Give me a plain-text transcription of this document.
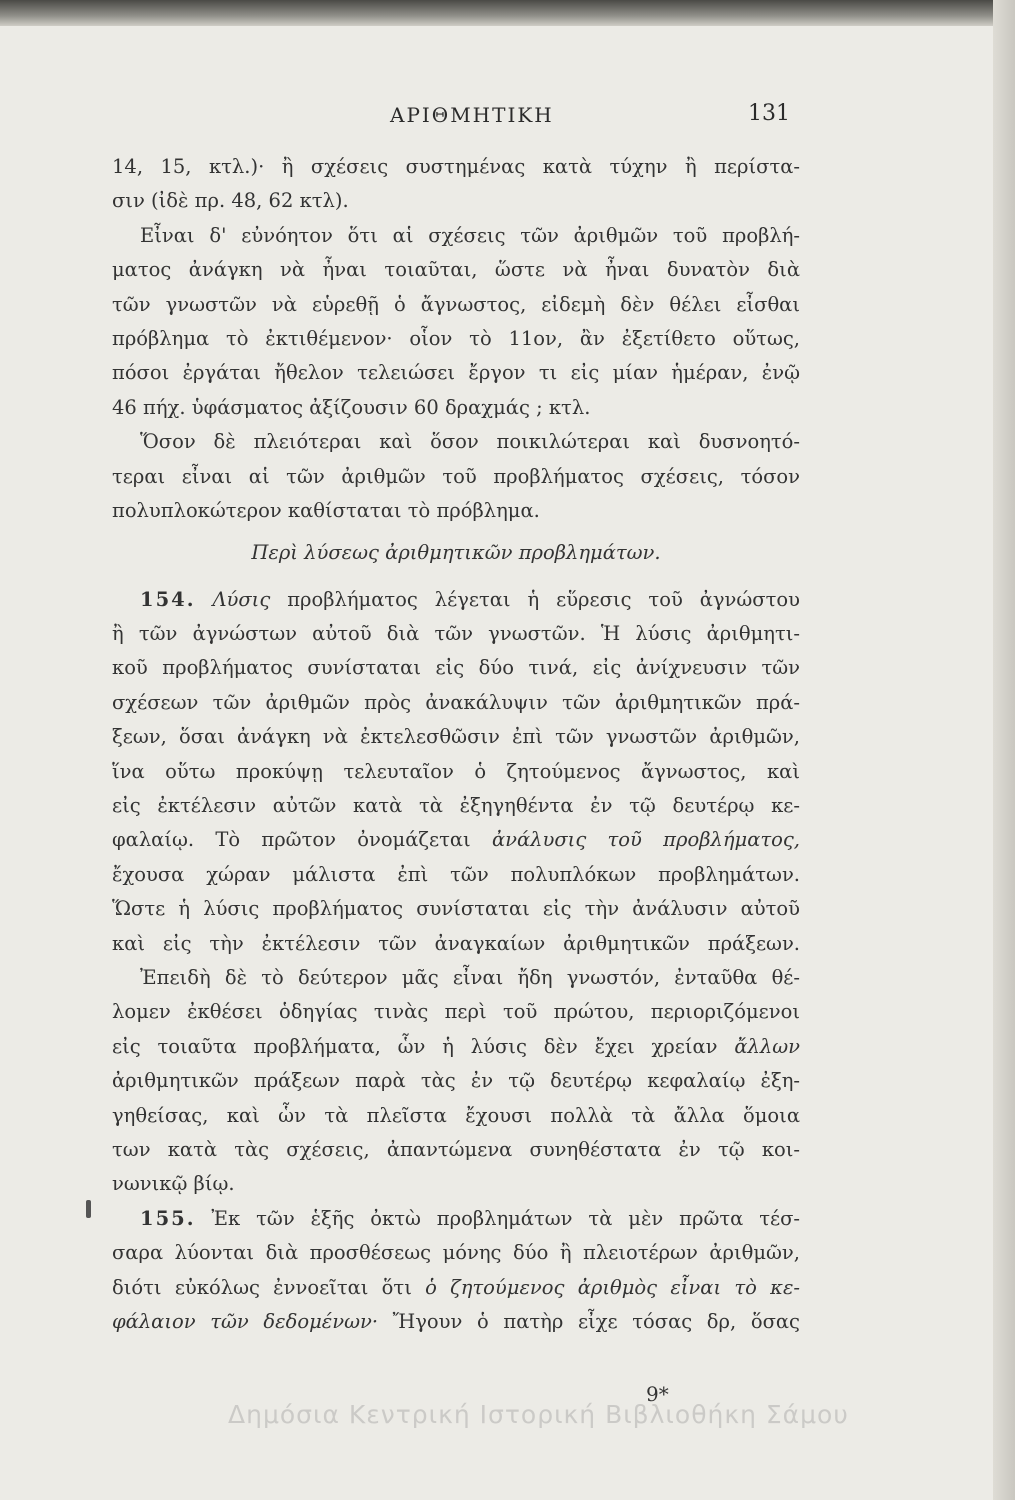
ΑΡΙΘΜΗΤΙΚΗ	131
14, 15, κτλ.)· ἢ σχέσεις συστημένας κατὰ τύχην ἢ περίστα-
σιν (ἰδὲ πρ. 48, 62 κτλ).
Εἶναι δ' εὐνόητον ὅτι αἱ σχέσεις τῶν ἀριθμῶν τοῦ προβλή-
ματος ἀνάγκη νὰ ἦναι τοιαῦται, ὥστε νὰ ἦναι δυνατὸν διὰ
τῶν γνωστῶν νὰ εὑρεθῇ ὁ ἄγνωστος, εἰδεμὴ δὲν θέλει εἶσθαι
πρόβλημα τὸ ἐκτιθέμενον· οἷον τὸ 11ον, ἂν ἐξετίθετο οὕτως,
πόσοι ἐργάται ἤθελον τελειώσει ἔργον τι εἰς μίαν ἡμέραν, ἐνῷ
46 πήχ. ὑφάσματος ἀξίζουσιν 60 δραχμάς ; κτλ.
Ὅσον δὲ πλειότεραι καὶ ὅσον ποικιλώτεραι καὶ δυσνοητό-
τεραι εἶναι αἱ τῶν ἀριθμῶν τοῦ προβλήματος σχέσεις, τόσον
πολυπλοκώτερον καθίσταται τὸ πρόβλημα.
Περὶ λύσεως ἀριθμητικῶν προβλημάτων.
154. Λύσις προβλήματος λέγεται ἡ εὕρεσις τοῦ ἀγνώστου
ἢ τῶν ἀγνώστων αὐτοῦ διὰ τῶν γνωστῶν. Ἡ λύσις ἀριθμητι-
κοῦ προβλήματος συνίσταται εἰς δύο τινά, εἰς ἀνίχνευσιν τῶν
σχέσεων τῶν ἀριθμῶν πρὸς ἀνακάλυψιν τῶν ἀριθμητικῶν πρά-
ξεων, ὅσαι ἀνάγκη νὰ ἐκτελεσθῶσιν ἐπὶ τῶν γνωστῶν ἀριθμῶν,
ἵνα οὕτω προκύψῃ τελευταῖον ὁ ζητούμενος ἄγνωστος, καὶ
εἰς ἐκτέλεσιν αὐτῶν κατὰ τὰ ἐξηγηθέντα ἐν τῷ δευτέρῳ κε-
φαλαίῳ. Τὸ πρῶτον ὀνομάζεται ἀνάλυσις τοῦ προβλήματος,
ἔχουσα χώραν μάλιστα ἐπὶ τῶν πολυπλόκων προβλημάτων.
Ὥστε ἡ λύσις προβλήματος συνίσταται εἰς τὴν ἀνάλυσιν αὐτοῦ
καὶ εἰς τὴν ἐκτέλεσιν τῶν ἀναγκαίων ἀριθμητικῶν πράξεων.
Ἐπειδὴ δὲ τὸ δεύτερον μᾶς εἶναι ἤδη γνωστόν, ἐνταῦθα θέ-
λομεν ἐκθέσει ὁδηγίας τινὰς περὶ τοῦ πρώτου, περιοριζόμενοι
εἰς τοιαῦτα προβλήματα, ὧν ἡ λύσις δὲν ἔχει χρείαν ἄλλων
ἀριθμητικῶν πράξεων παρὰ τὰς ἐν τῷ δευτέρῳ κεφαλαίῳ ἐξη-
γηθείσας, καὶ ὧν τὰ πλεῖστα ἔχουσι πολλὰ τὰ ἄλλα ὅμοια
των κατὰ τὰς σχέσεις, ἀπαντώμενα συνηθέστατα ἐν τῷ κοι-
νωνικῷ βίῳ.
155. Ἐκ τῶν ἑξῆς ὀκτὼ προβλημάτων τὰ μὲν πρῶτα τέσ-
σαρα λύονται διὰ προσθέσεως μόνης δύο ἢ πλειοτέρων ἀριθμῶν,
διότι εὐκόλως ἐννοεῖται ὅτι ὁ ζητούμενος ἀριθμὸς εἶναι τὸ κε-
φάλαιον τῶν δεδομένων· Ἤγουν ὁ πατὴρ εἶχε τόσας δρ, ὅσας
9*
Δημόσια Κεντρική Ιστορική Βιβλιοθήκη Σάμου
